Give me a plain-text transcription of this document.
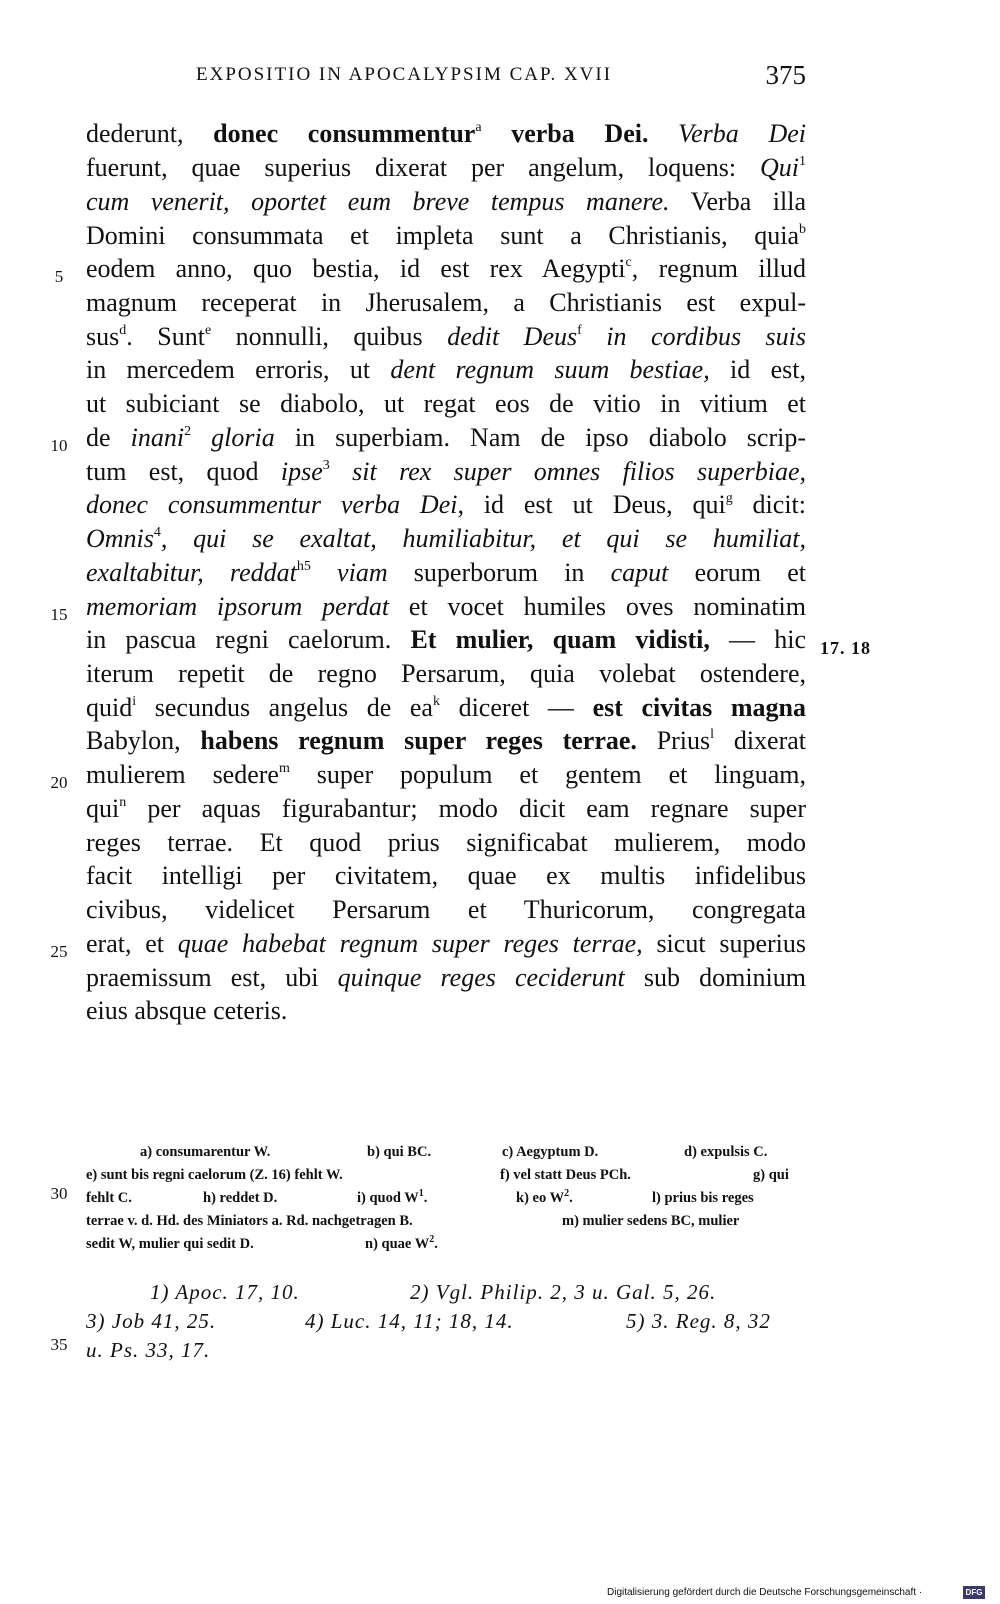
EXPOSITIO IN APOCALYPSIM CAP. XVII	375
dederunt, donec consummentur$^a$ verba Dei. Verba Dei
fuerunt, quae superius dixerat per angelum, loquens: Qui$^1$
cum venerit, oportet eum breve tempus manere. Verba illa
Domini consummata et impleta sunt a Christianis, quia$^b$
eodem anno, quo bestia, id est rex Aegypti$^c$, regnum illud
magnum receperat in Jherusalem, a Christianis est expul-
sus$^d$. Sunt$^e$ nonnulli, quibus dedit Deus$^f$ in cordibus suis
in mercedem erroris, ut dent regnum suum bestiae, id est,
ut subiciant se diabolo, ut regat eos de vitio in vitium et
de inani$^2$ gloria in superbiam. Nam de ipso diabolo scrip-
tum est, quod ipse$^3$ sit rex super omnes filios superbiae,
donec consummentur verba Dei, id est ut Deus, qui$^g$ dicit:
Omnis$^4$, qui se exaltat, humiliabitur, et qui se humiliat,
exaltabitur, reddat$^{h5}$ viam superborum in caput eorum et
memoriam ipsorum perdat et vocet humiles oves nominatim
in pascua regni caelorum. Et mulier, quam vidisti, — hic
iterum repetit de regno Persarum, quia volebat ostendere,
quid$^i$ secundus angelus de $ea^k$ diceret — est civitas magna
Babylon, habens regnum super reges terrae. Prius$^l$ dixerat
mulierem sedere$^m$ super populum et gentem et linguam,
qui$^n$ per aquas figurabantur; modo dicit eam regnare super
reges terrae. Et quod prius significabat mulierem, modo
facit intelligi per civitatem, quae ex multis infidelibus
civibus, videlicet Persarum et Thuricorum, congregata
erat, et quae habebat regnum super reges terrae, sicut superius
praemissum est, ubi quinque reges ceciderunt sub dominium
eius absque ceteris.
5
10
15
20
25
30
35
17. 18
a) consumarentur W.	b) qui BC.	c) Aegyptum D.	d) expulsis C.
e) sunt bis regni caelorum (Z. 16) fehlt W.	f) vel statt Deus PCh.	g) qui
fehlt C.	h) reddet D.	i) quod $W^1$.	k) eo $W^2$.	l) prius bis reges
terrae v. d. Hd. des Miniators a. Rd. nachgetragen B.	m) mulier sedens BC, mulier
sedit W, mulier qui sedit D.	n) quae $W^2$.
1) Apoc. 17, 10.	2) Vgl. Philip. 2, 3 u. Gal. 5, 26.
3) Job 41, 25.	4) Luc. 14, 11; 18, 14.	5) 3. Reg. 8, 32
u. Ps. 33, 17.
Digitalisierung gefördert durch die Deutsche Forschungsgemeinschaft ·	DFG
